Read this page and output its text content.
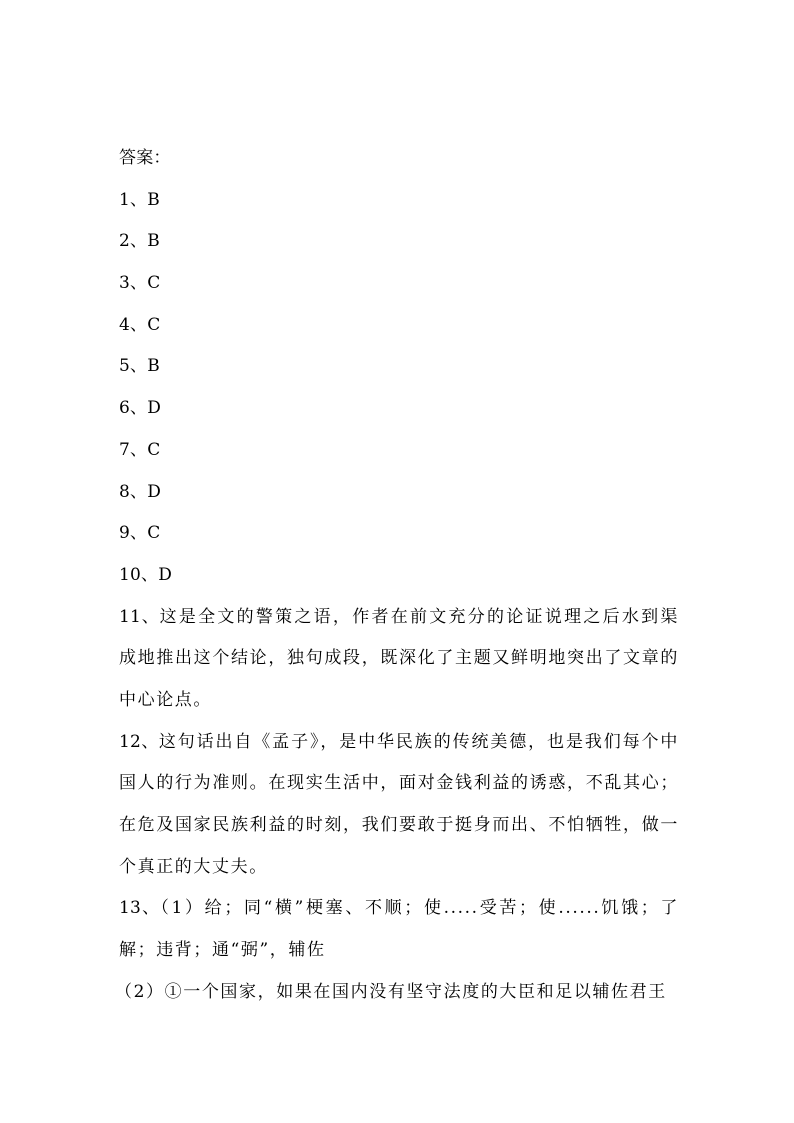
答案：
1、B
2、B
3、C
4、C
5、B
6、D
7、C
8、D
9、C
10、D
11、这是全文的警策之语，作者在前文充分的论证说理之后水到渠成地推出这个结论，独句成段，既深化了主题又鲜明地突出了文章的中心论点。
12、这句话出自《孟子》，是中华民族的传统美德，也是我们每个中国人的行为准则。在现实生活中，面对金钱利益的诱惑，不乱其心；在危及国家民族利益的时刻，我们要敢于挺身而出、不怕牺牲，做一个真正的大丈夫。
13、（1）给；同“横”梗塞、不顺；使.....受苦；使......饥饿；了解；违背；通“弼”，辅佐
（2）①一个国家，如果在国内没有坚守法度的大臣和足以辅佐君王
